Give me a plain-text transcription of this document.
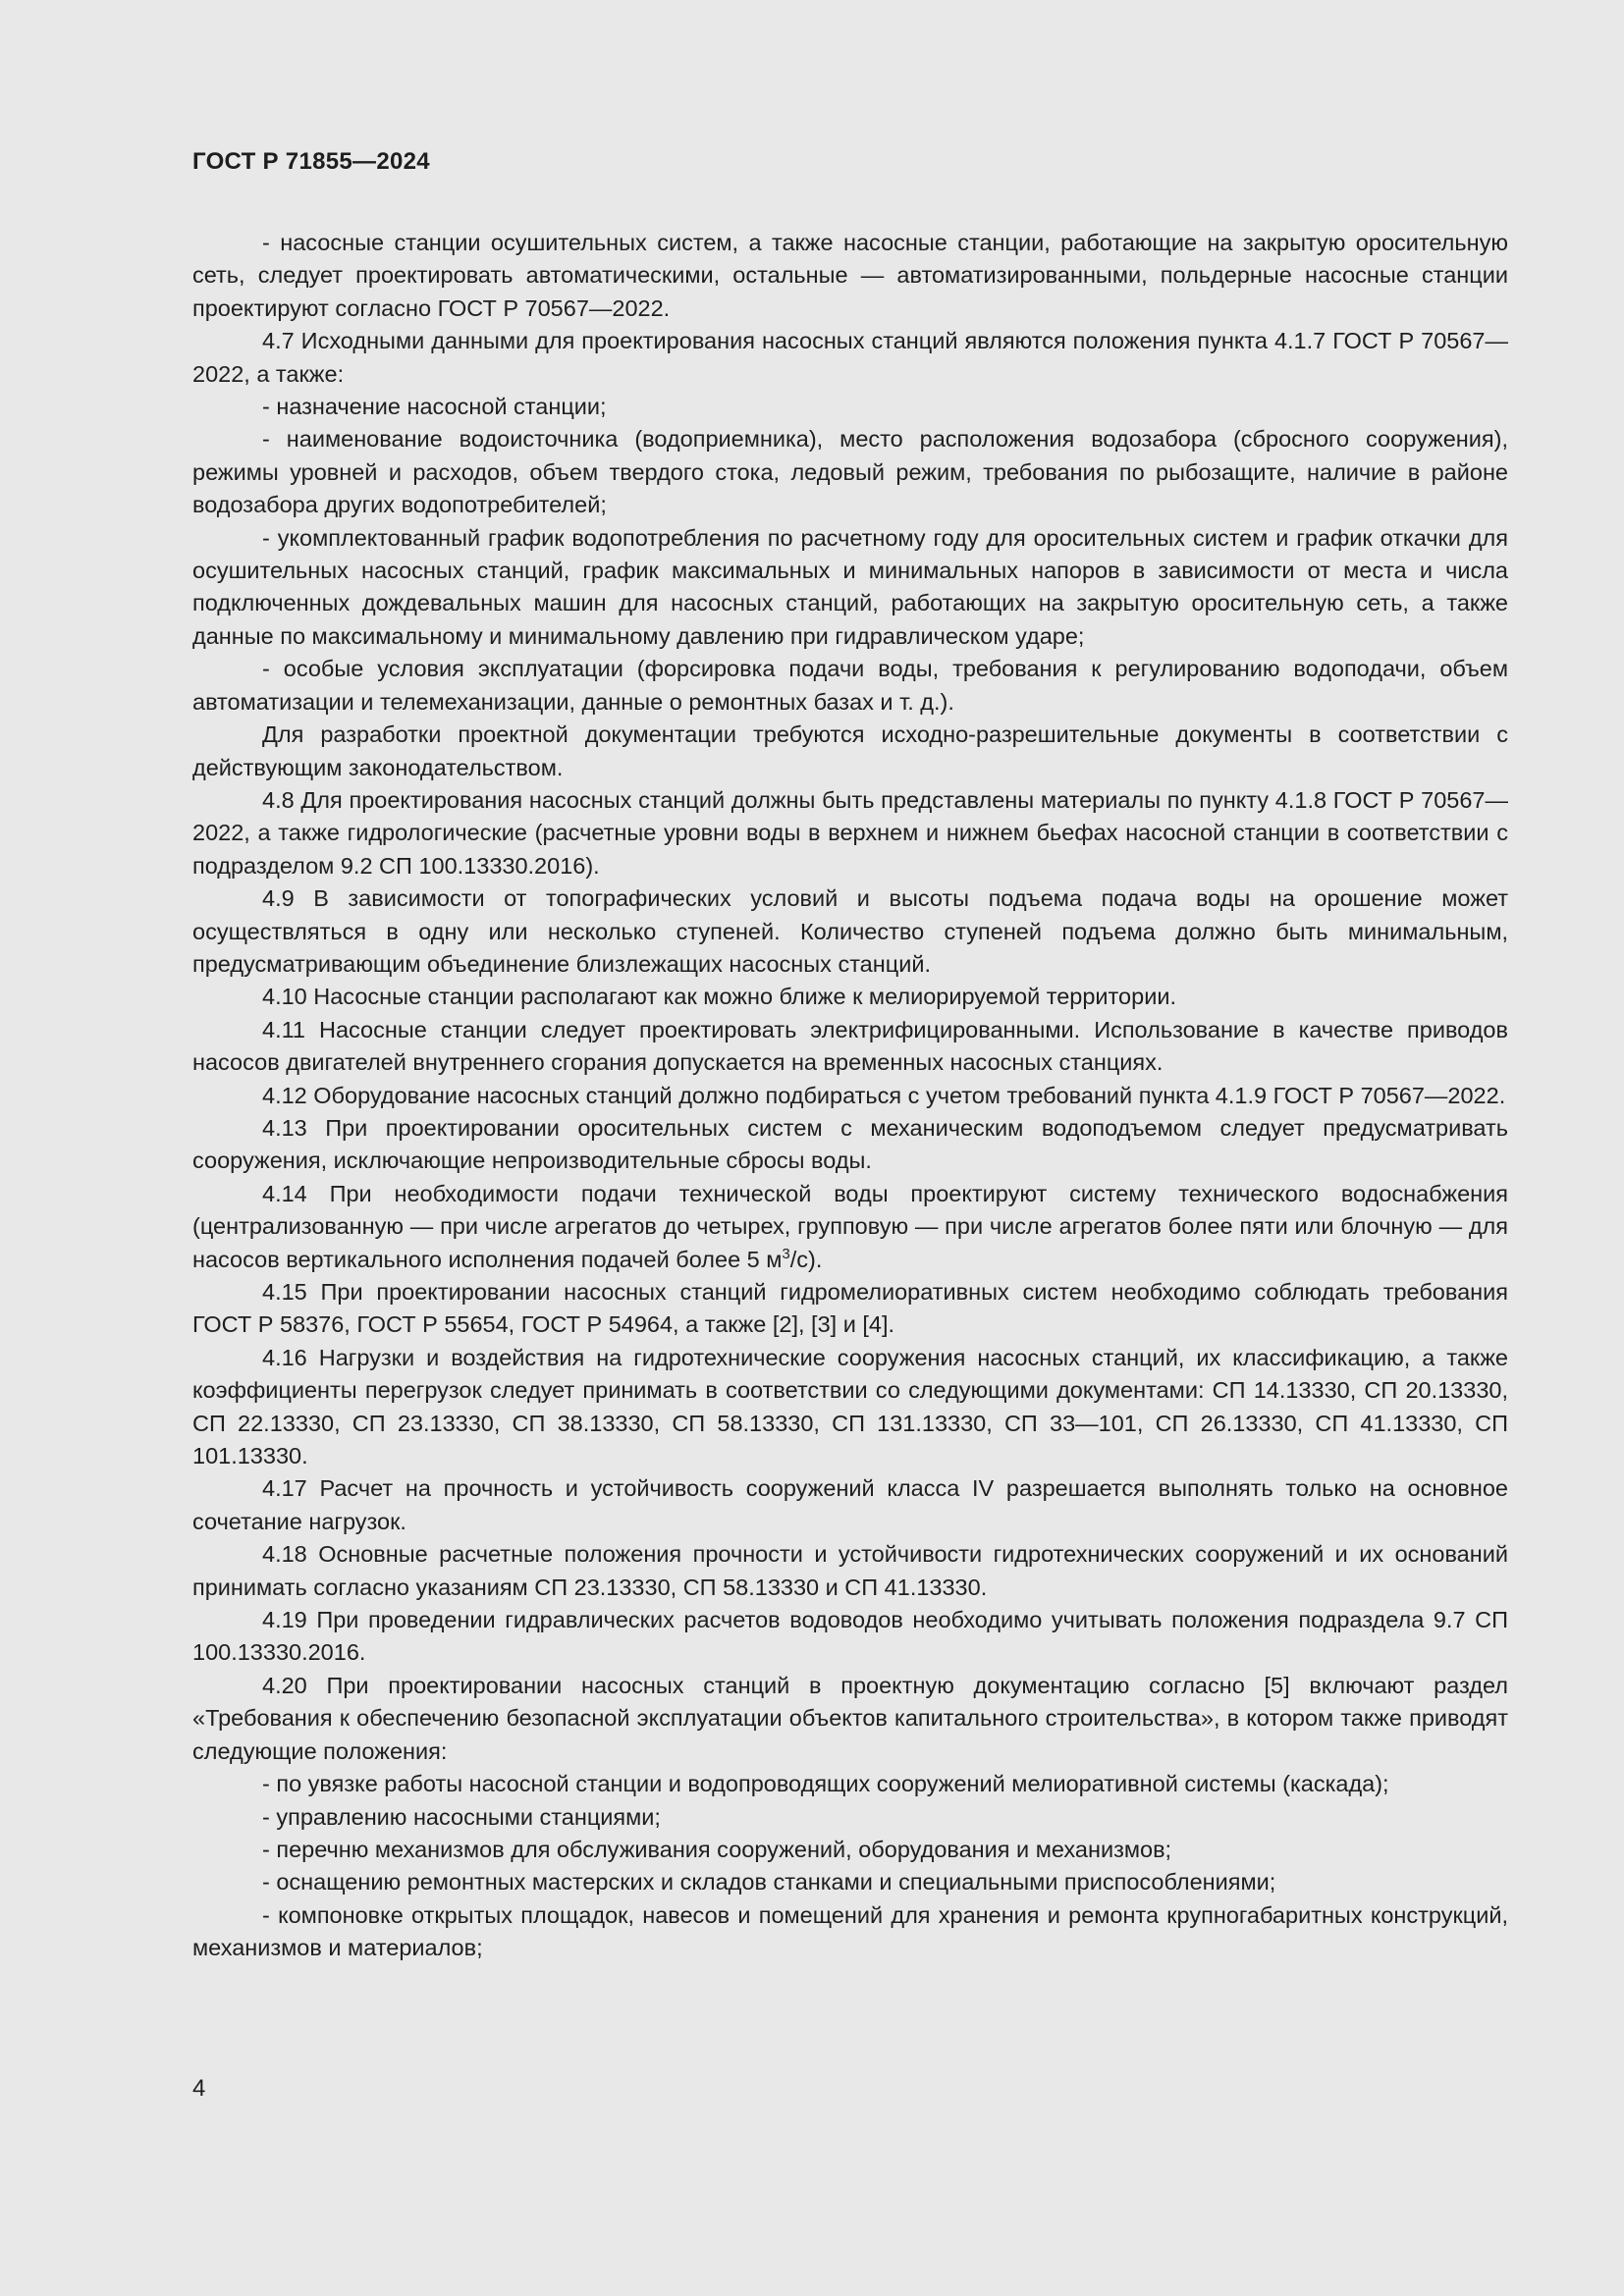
ГОСТ Р 71855—2024

- насосные станции осушительных систем, а также насосные станции, работающие на закрытую оросительную сеть, следует проектировать автоматическими, остальные — автоматизированными, польдерные насосные станции проектируют согласно ГОСТ Р 70567—2022.

4.7 Исходными данными для проектирования насосных станций являются положения пункта 4.1.7 ГОСТ Р 70567—2022, а также:

- назначение насосной станции;

- наименование водоисточника (водоприемника), место расположения водозабора (сбросного сооружения), режимы уровней и расходов, объем твердого стока, ледовый режим, требования по рыбозащите, наличие в районе водозабора других водопотребителей;

- укомплектованный график водопотребления по расчетному году для оросительных систем и график откачки для осушительных насосных станций, график максимальных и минимальных напоров в зависимости от места и числа подключенных дождевальных машин для насосных станций, работающих на закрытую оросительную сеть, а также данные по максимальному и минимальному давлению при гидравлическом ударе;

- особые условия эксплуатации (форсировка подачи воды, требования к регулированию водоподачи, объем автоматизации и телемеханизации, данные о ремонтных базах и т. д.).

Для разработки проектной документации требуются исходно-разрешительные документы в соответствии с действующим законодательством.

4.8 Для проектирования насосных станций должны быть представлены материалы по пункту 4.1.8 ГОСТ Р 70567—2022, а также гидрологические (расчетные уровни воды в верхнем и нижнем бьефах насосной станции в соответствии с подразделом 9.2 СП 100.13330.2016).

4.9 В зависимости от топографических условий и высоты подъема подача воды на орошение может осуществляться в одну или несколько ступеней. Количество ступеней подъема должно быть минимальным, предусматривающим объединение близлежащих насосных станций.

4.10 Насосные станции располагают как можно ближе к мелиорируемой территории.

4.11 Насосные станции следует проектировать электрифицированными. Использование в качестве приводов насосов двигателей внутреннего сгорания допускается на временных насосных станциях.

4.12 Оборудование насосных станций должно подбираться с учетом требований пункта 4.1.9 ГОСТ Р 70567—2022.

4.13 При проектировании оросительных систем с механическим водоподъемом следует предусматривать сооружения, исключающие непроизводительные сбросы воды.

4.14 При необходимости подачи технической воды проектируют систему технического водоснабжения (централизованную — при числе агрегатов до четырех, групповую — при числе агрегатов более пяти или блочную — для насосов вертикального исполнения подачей более 5 $м^3/с$).

4.15 При проектировании насосных станций гидромелиоративных систем необходимо соблюдать требования ГОСТ Р 58376, ГОСТ Р 55654, ГОСТ Р 54964, а также [2], [3] и [4].

4.16 Нагрузки и воздействия на гидротехнические сооружения насосных станций, их классификацию, а также коэффициенты перегрузок следует принимать в соответствии со следующими документами: СП 14.13330, СП 20.13330, СП 22.13330, СП 23.13330, СП 38.13330, СП 58.13330, СП 131.13330, СП 33—101, СП 26.13330, СП 41.13330, СП 101.13330.

4.17 Расчет на прочность и устойчивость сооружений класса IV разрешается выполнять только на основное сочетание нагрузок.

4.18 Основные расчетные положения прочности и устойчивости гидротехнических сооружений и их оснований принимать согласно указаниям СП 23.13330, СП 58.13330 и СП 41.13330.

4.19 При проведении гидравлических расчетов водоводов необходимо учитывать положения подраздела 9.7 СП 100.13330.2016.

4.20 При проектировании насосных станций в проектную документацию согласно [5] включают раздел «Требования к обеспечению безопасной эксплуатации объектов капитального строительства», в котором также приводят следующие положения:

- по увязке работы насосной станции и водопроводящих сооружений мелиоративной системы (каскада);

- управлению насосными станциями;

- перечню механизмов для обслуживания сооружений, оборудования и механизмов;

- оснащению ремонтных мастерских и складов станками и специальными приспособлениями;

- компоновке открытых площадок, навесов и помещений для хранения и ремонта крупногабаритных конструкций, механизмов и материалов;

4
